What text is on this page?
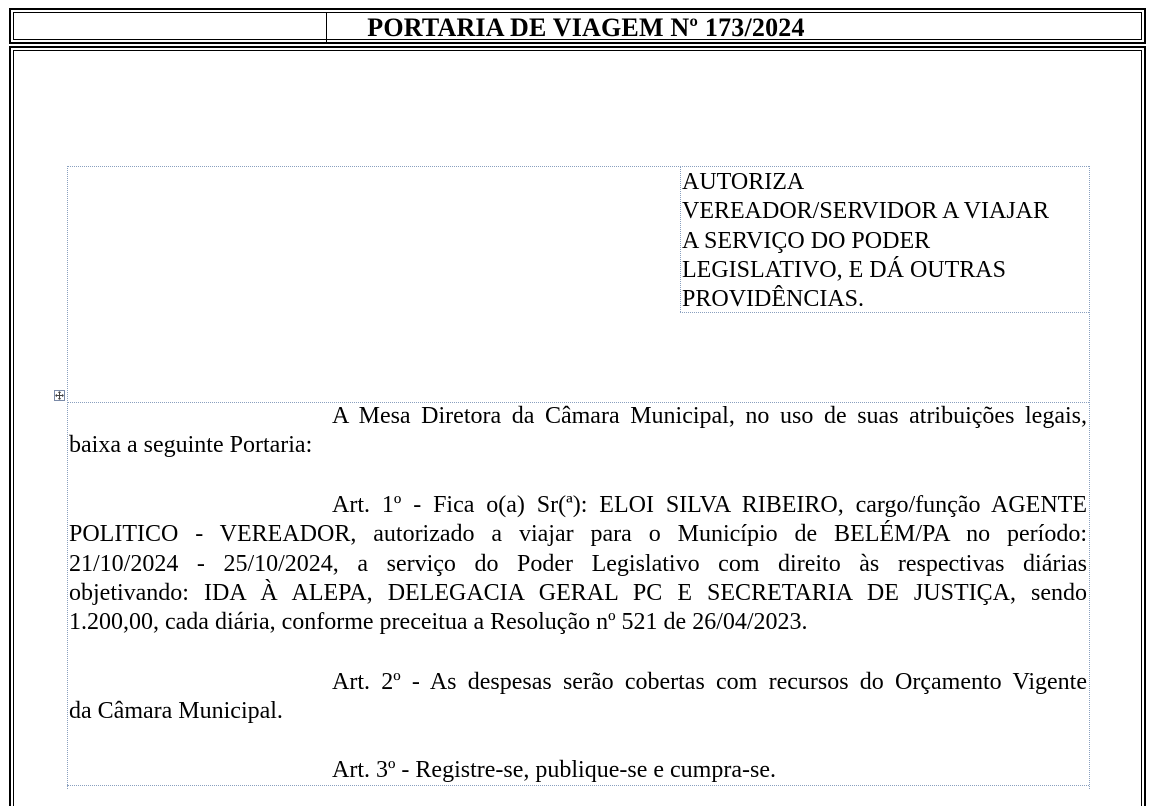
PORTARIA DE VIAGEM Nº 173/2024
AUTORIZA
VEREADOR/SERVIDOR A VIAJAR
A SERVIÇO DO PODER
LEGISLATIVO, E DÁ OUTRAS
PROVIDÊNCIAS.
A Mesa Diretora da Câmara Municipal, no uso de suas atribuições legais,
baixa a seguinte Portaria:
Art. 1º - Fica o(a) Sr(ª): ELOI SILVA RIBEIRO, cargo/função AGENTE
POLITICO - VEREADOR, autorizado a viajar para o Município de BELÉM/PA no período:
21/10/2024 - 25/10/2024, a serviço do Poder Legislativo com direito às respectivas diárias
objetivando: IDA À ALEPA, DELEGACIA GERAL PC E SECRETARIA DE JUSTIÇA, sendo
1.200,00, cada diária, conforme preceitua a Resolução nº 521 de 26/04/2023.
Art. 2º - As despesas serão cobertas com recursos do Orçamento Vigente
da Câmara Municipal.
Art. 3º - Registre-se, publique-se e cumpra-se.
